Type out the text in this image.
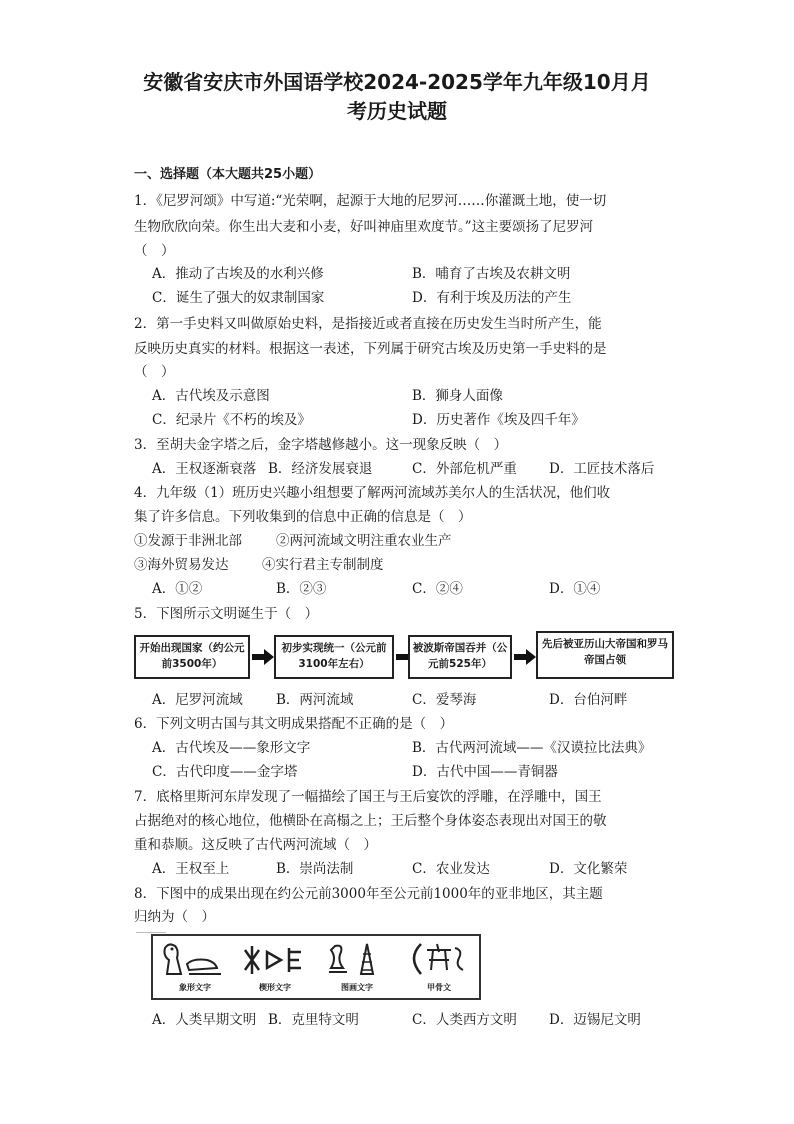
安徽省安庆市外国语学校2024-2025学年九年级10月月
考历史试题
一、选择题（本大题共25小题）
1．《尼罗河颂》中写道:“光荣啊，起源于大地的尼罗河……你灌溉土地，使一切
生物欣欣向荣。你生出大麦和小麦，好叫神庙里欢度节。”这主要颂扬了尼罗河
（　）
A．推动了古埃及的水利兴修	B．哺育了古埃及农耕文明
C．诞生了强大的奴隶制国家	D．有利于埃及历法的产生
2．第一手史料又叫做原始史料，是指接近或者直接在历史发生当时所产生，能
反映历史真实的材料。根据这一表述，下列属于研究古埃及历史第一手史料的是
（　）
A．古代埃及示意图	B．狮身人面像
C．纪录片《不朽的埃及》	D．历史著作《埃及四千年》
3．至胡夫金字塔之后，金字塔越修越小。这一现象反映（　）
A．王权逐渐衰落 B．经济发展衰退	C．外部危机严重 D．工匠技术落后
4．九年级（1）班历史兴趣小组想要了解两河流域苏美尔人的生活状况，他们收
集了许多信息。下列收集到的信息中正确的信息是（　）
①发源于非洲北部	②两河流域文明注重农业生产
③海外贸易发达 ④实行君主专制制度
A．①②	B．②③	C．②④	D．①④
5．下图所示文明诞生于（　）
开始出现国家（约公元前3500年）
初步实现统一（公元前3100年左右）
被波斯帝国吞并（公元前525年）
先后被亚历山大帝国和罗马帝国占领
A．尼罗河流域 B．两河流域	C．爱琴海	D．台伯河畔
6．下列文明古国与其文明成果搭配不正确的是（　）
A．古代埃及——象形文字	B．古代两河流域——《汉谟拉比法典》
C．古代印度——金字塔	D．古代中国——青铜器
7．底格里斯河东岸发现了一幅描绘了国王与王后宴饮的浮雕，在浮雕中，国王
占据绝对的核心地位，他横卧在高榻之上；王后整个身体姿态表现出对国王的敬
重和恭顺。这反映了古代两河流域（　）
A．王权至上	B．崇尚法制	C．农业发达	D．文化繁荣
8．下图中的成果出现在约公元前3000年至公元前1000年的亚非地区，其主题
归纳为（　）
象形文字	楔形文字	图画文字	甲骨文
A．人类早期文明 B．克里特文明	C．人类西方文明 D．迈锡尼文明
